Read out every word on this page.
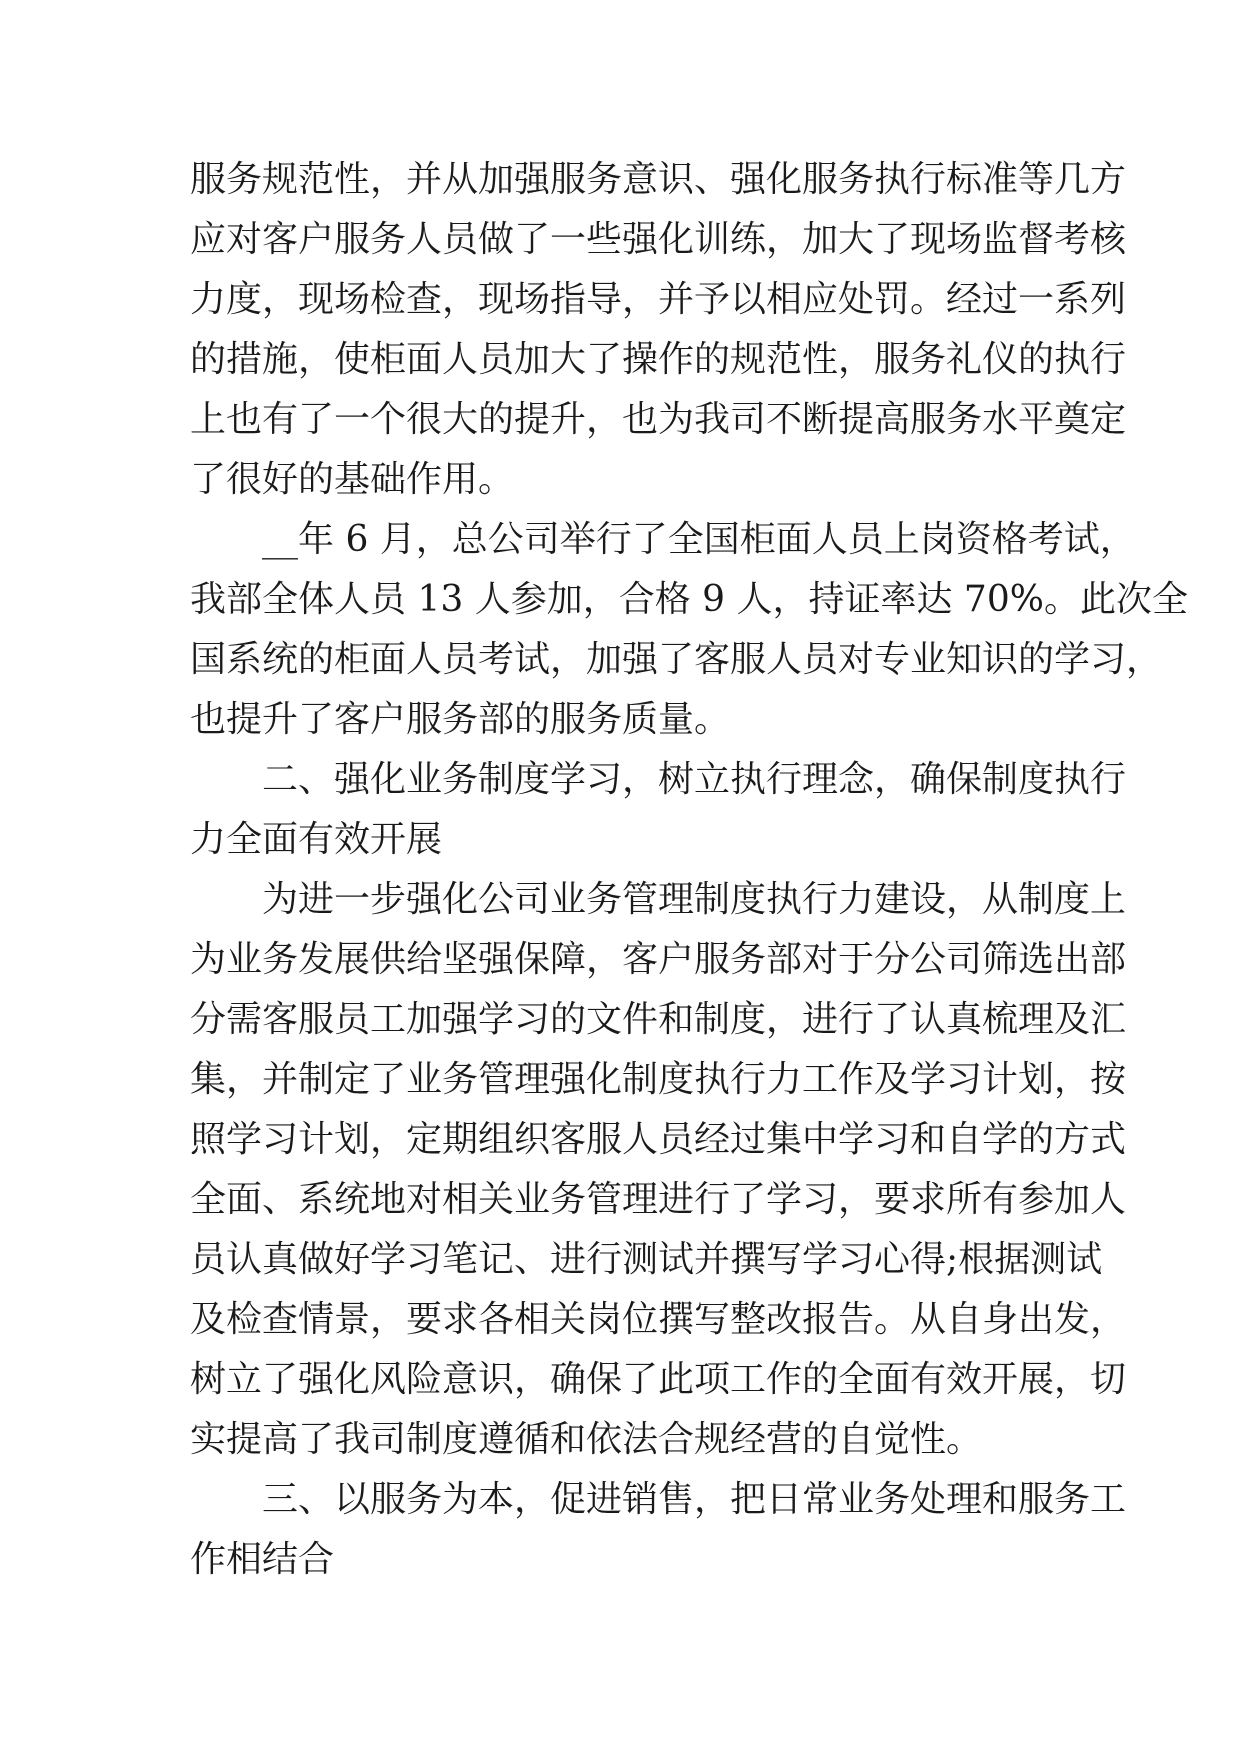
服务规范性，并从加强服务意识、强化服务执行标准等几方
应对客户服务人员做了一些强化训练，加大了现场监督考核
力度，现场检查，现场指导，并予以相应处罚。经过一系列
的措施，使柜面人员加大了操作的规范性，服务礼仪的执行
上也有了一个很大的提升，也为我司不断提高服务水平奠定
了很好的基础作用。
__年 6 月，总公司举行了全国柜面人员上岗资格考试，
我部全体人员 13 人参加，合格 9 人，持证率达 70%。此次全
国系统的柜面人员考试，加强了客服人员对专业知识的学习，
也提升了客户服务部的服务质量。
二、强化业务制度学习，树立执行理念，确保制度执行
力全面有效开展
为进一步强化公司业务管理制度执行力建设，从制度上
为业务发展供给坚强保障，客户服务部对于分公司筛选出部
分需客服员工加强学习的文件和制度，进行了认真梳理及汇
集，并制定了业务管理强化制度执行力工作及学习计划，按
照学习计划，定期组织客服人员经过集中学习和自学的方式
全面、系统地对相关业务管理进行了学习，要求所有参加人
员认真做好学习笔记、进行测试并撰写学习心得;根据测试
及检查情景，要求各相关岗位撰写整改报告。从自身出发，
树立了强化风险意识，确保了此项工作的全面有效开展，切
实提高了我司制度遵循和依法合规经营的自觉性。
三、以服务为本，促进销售，把日常业务处理和服务工
作相结合
